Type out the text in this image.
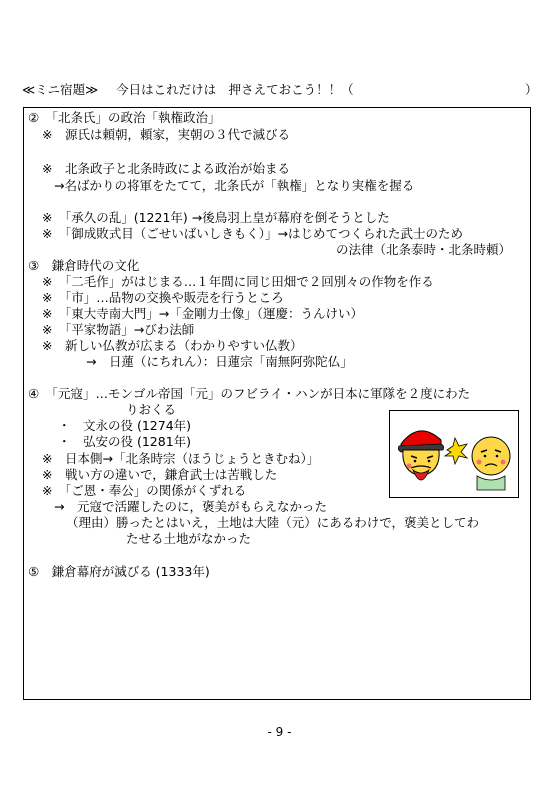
≪ミニ宿題≫ 今日はこれだけは　押さえておこう！！（	）
②　「北条氏」の政治「執権政治」
※　源氏は頼朝，頼家，実朝の３代で滅びる
※　北条政子と北条時政による政治が始まる
→名ばかりの将軍をたてて，北条氏が「執権」となり実権を握る
※　「承久の乱」(1221年) →後鳥羽上皇が幕府を倒そうとした
※　「御成敗式目（ごせいばいしきもく）」→はじめてつくられた武士のため
の法律（北条泰時・北条時頼）
③　鎌倉時代の文化
※　「二毛作」がはじまる…１年間に同じ田畑で２回別々の作物を作る
※　「市」…品物の交換や販売を行うところ
※　「東大寺南大門」→「金剛力士像」（運慶：うんけい）
※　「平家物語」→びわ法師
※　新しい仏教が広まる（わかりやすい仏教）
→　日蓮（にちれん）：日蓮宗「南無阿弥陀仏」
④　「元寇」…モンゴル帝国「元」のフビライ・ハンが日本に軍隊を２度にわた
りおくる
・　文永の役 (1274年)
・　弘安の役 (1281年)
※　日本側→「北条時宗（ほうじょうときむね）」
※　戦い方の違いで，鎌倉武士は苦戦した
※　「ご恩・奉公」の関係がくずれる
→　元寇で活躍したのに，褒美がもらえなかった
（理由）勝ったとはいえ，土地は大陸（元）にあるわけで，褒美としてわ
たせる土地がなかった
⑤　鎌倉幕府が滅びる (1333年)
- 9 -
